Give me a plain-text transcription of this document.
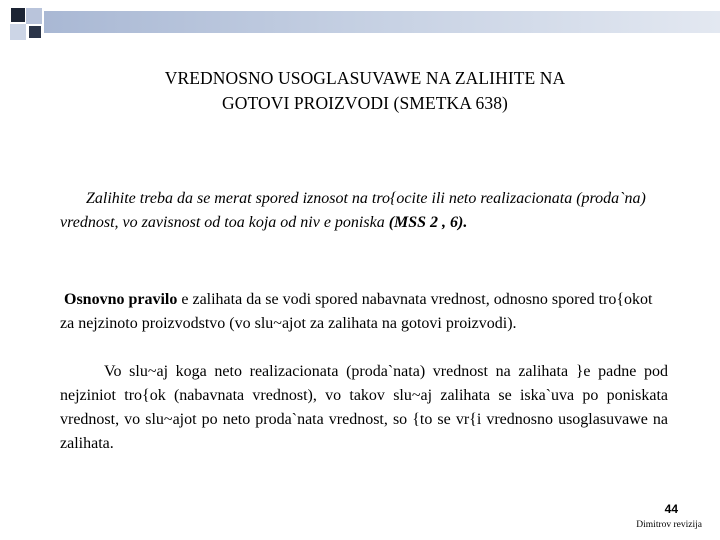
VREDNOSNO USOGLASUVAWE NA ZALIHITE NA
GOTOVI PROIZVODI (SMETKA 638)
Zalihite treba da se merat spored iznosot na tro{ocite ili neto realizacionata (proda`na) vrednost, vo zavisnost od toa koja od niv e poniska (MSS 2 , 6).
Osnovno pravilo e zalihata da se vodi spored nabavnata vrednost, odnosno spored tro{okot za nejzinoto proizvodstvo (vo slu~ajot za zalihata na gotovi proizvodi).
Vo slu~aj koga neto realizacionata (proda`nata) vrednost na zalihata }e padne pod nejziniot tro{ok (nabavnata vrednost), vo takov slu~aj zalihata se iska`uva po poniskata vrednost, vo slu~ajot po neto proda`nata vrednost, so {to se vr{i vrednosno usoglasuvawe na zalihata.
44
Dimitrov revizija
